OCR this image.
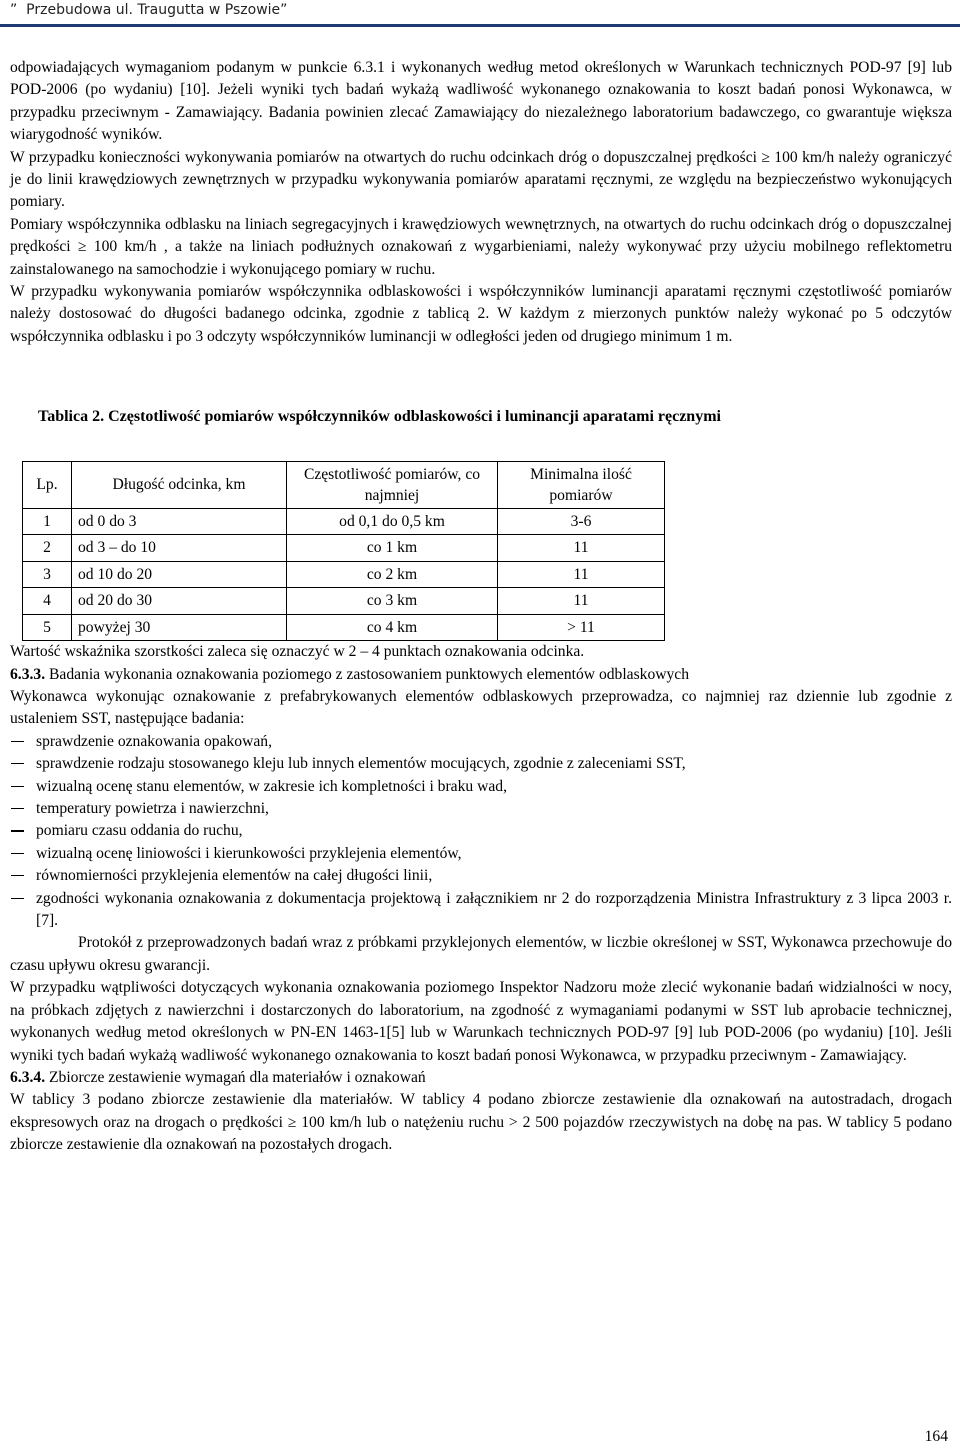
”  Przebudowa ul. Traugutta w Pszowie”

odpowiadających wymaganiom podanym w punkcie 6.3.1 i wykonanych według metod określonych w Warunkach technicznych POD-97 [9] lub POD-2006 (po wydaniu) [10]. Jeżeli wyniki tych badań wykażą wadliwość wykonanego oznakowania to koszt badań ponosi Wykonawca, w przypadku przeciwnym - Zamawiający. Badania powinien zlecać Zamawiający do niezależnego laboratorium badawczego, co gwarantuje większa wiarygodność wyników.

W przypadku konieczności wykonywania pomiarów na otwartych do ruchu odcinkach dróg o dopuszczalnej prędkości ≥ 100 km/h należy ograniczyć je do linii krawędziowych zewnętrznych w przypadku wykonywania pomiarów aparatami ręcznymi, ze względu na bezpieczeństwo wykonujących pomiary.

Pomiary współczynnika odblasku na liniach segregacyjnych i krawędziowych wewnętrznych, na otwartych do ruchu odcinkach dróg o dopuszczalnej prędkości ≥ 100 km/h , a także na liniach podłużnych oznakowań z wygarbieniami, należy wykonywać przy użyciu mobilnego reflektometru zainstalowanego na samochodzie i wykonującego pomiary w ruchu.

W przypadku wykonywania pomiarów współczynnika odblaskowości i współczynników luminancji aparatami ręcznymi częstotliwość pomiarów należy dostosować do długości badanego odcinka, zgodnie z tablicą 2. W każdym z mierzonych punktów należy wykonać po 5 odczytów współczynnika odblasku i po 3 odczyty współczynników luminancji w odległości jeden od drugiego minimum 1 m.

Tablica 2. Częstotliwość pomiarów współczynników odblaskowości i luminancji aparatami ręcznymi
Lp.	Długość odcinka, km	Częstotliwość pomiarów, co najmniej	Minimalna ilość pomiarów
1	od 0 do 3	od 0,1 do 0,5 km	3-6
2	od 3 – do 10	co 1 km	11
3	od 10 do 20	co 2 km	11
4	od 20 do 30	co 3 km	11
5	powyżej 30	co 4 km	> 11

Wartość wskaźnika szorstkości zaleca się oznaczyć w 2 – 4 punktach oznakowania odcinka.

6.3.3. Badania wykonania oznakowania poziomego z zastosowaniem punktowych elementów odblaskowych

Wykonawca wykonując oznakowanie z prefabrykowanych elementów odblaskowych przeprowadza, co najmniej raz dziennie lub zgodnie z ustaleniem SST, następujące badania:

sprawdzenie oznakowania opakowań,
sprawdzenie rodzaju stosowanego kleju lub innych elementów mocujących, zgodnie z zaleceniami SST,
wizualną ocenę stanu elementów, w zakresie ich kompletności i braku wad,
temperatury powietrza i nawierzchni,
pomiaru czasu oddania do ruchu,
wizualną ocenę liniowości i kierunkowości przyklejenia elementów,
równomierności przyklejenia elementów na całej długości linii,
zgodności wykonania oznakowania z dokumentacja projektową i załącznikiem nr 2 do rozporządzenia Ministra Infrastruktury z 3 lipca 2003 r. [7].

Protokół z przeprowadzonych badań wraz z próbkami przyklejonych elementów, w liczbie określonej w SST, Wykonawca przechowuje do czasu upływu okresu gwarancji.

W przypadku wątpliwości dotyczących wykonania oznakowania poziomego Inspektor Nadzoru może zlecić wykonanie badań widzialności w nocy, na próbkach zdjętych z nawierzchni i dostarczonych do laboratorium, na zgodność z wymaganiami podanymi w SST lub aprobacie technicznej, wykonanych według metod określonych w PN-EN 1463-1[5] lub w Warunkach technicznych POD-97 [9] lub POD-2006 (po wydaniu) [10]. Jeśli wyniki tych badań wykażą wadliwość wykonanego oznakowania to koszt badań ponosi Wykonawca, w przypadku przeciwnym - Zamawiający.

6.3.4. Zbiorcze zestawienie wymagań dla materiałów i oznakowań

W tablicy 3 podano zbiorcze zestawienie dla materiałów. W tablicy 4 podano zbiorcze zestawienie dla oznakowań na autostradach, drogach ekspresowych oraz na drogach o prędkości ≥ 100 km/h lub o natężeniu ruchu > 2 500 pojazdów rzeczywistych na dobę na pas. W tablicy 5 podano zbiorcze zestawienie dla oznakowań na pozostałych drogach.

164
